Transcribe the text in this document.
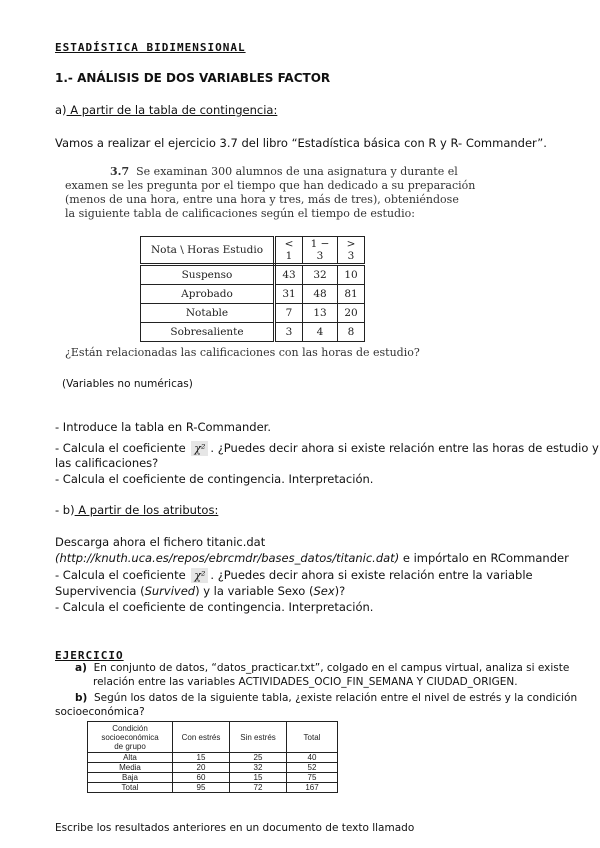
ESTADÍSTICA BIDIMENSIONAL
1.- ANÁLISIS DE DOS VARIABLES FACTOR
a) A partir de la tabla de contingencia:
Vamos a realizar el ejercicio 3.7 del libro “Estadística básica con R y R- Commander”.
3.7 Se examinan 300 alumnos de una asignatura y durante el
examen se les pregunta por el tiempo que han dedicado a su preparación
(menos de una hora, entre una hora y tres, más de tres), obteniéndose
la siguiente tabla de calificaciones según el tiempo de estudio:
Nota \ Horas Estudio	< 1	1 − 3	> 3
Suspenso	43	32	10
Aprobado	31	48	81
Notable	7	13	20
Sobresaliente	3	4	8
¿Están relacionadas las calificaciones con las horas de estudio?
(Variables no numéricas)
- Introduce la tabla en R-Commander.
- Calcula el coeficiente χ² . ¿Puedes decir ahora si existe relación entre las horas de estudio y
las calificaciones?
- Calcula el coeficiente de contingencia. Interpretación.
- b) A partir de los atributos:
Descarga ahora el fichero titanic.dat
(http://knuth.uca.es/repos/ebrcmdr/bases_datos/titanic.dat) e impórtalo en RCommander
- Calcula el coeficiente χ² . ¿Puedes decir ahora si existe relación entre la variable
Supervivencia (Survived) y la variable Sexo (Sex)?
- Calcula el coeficiente de contingencia. Interpretación.
EJERCICIO
a) En conjunto de datos, “datos_practicar.txt”, colgado en el campus virtual, analiza si existe
relación entre las variables ACTIVIDADES_OCIO_FIN_SEMANA Y CIUDAD_ORIGEN.
b) Según los datos de la siguiente tabla, ¿existe relación entre el nivel de estrés y la condición
socioeconómica?
Condición
socioeconómica
de grupo	Con estrés	Sin estrés	Total
Alta	15	25	40
Media	20	32	52
Baja	60	15	75
Total	95	72	167
Escribe los resultados anteriores en un documento de texto llamado
